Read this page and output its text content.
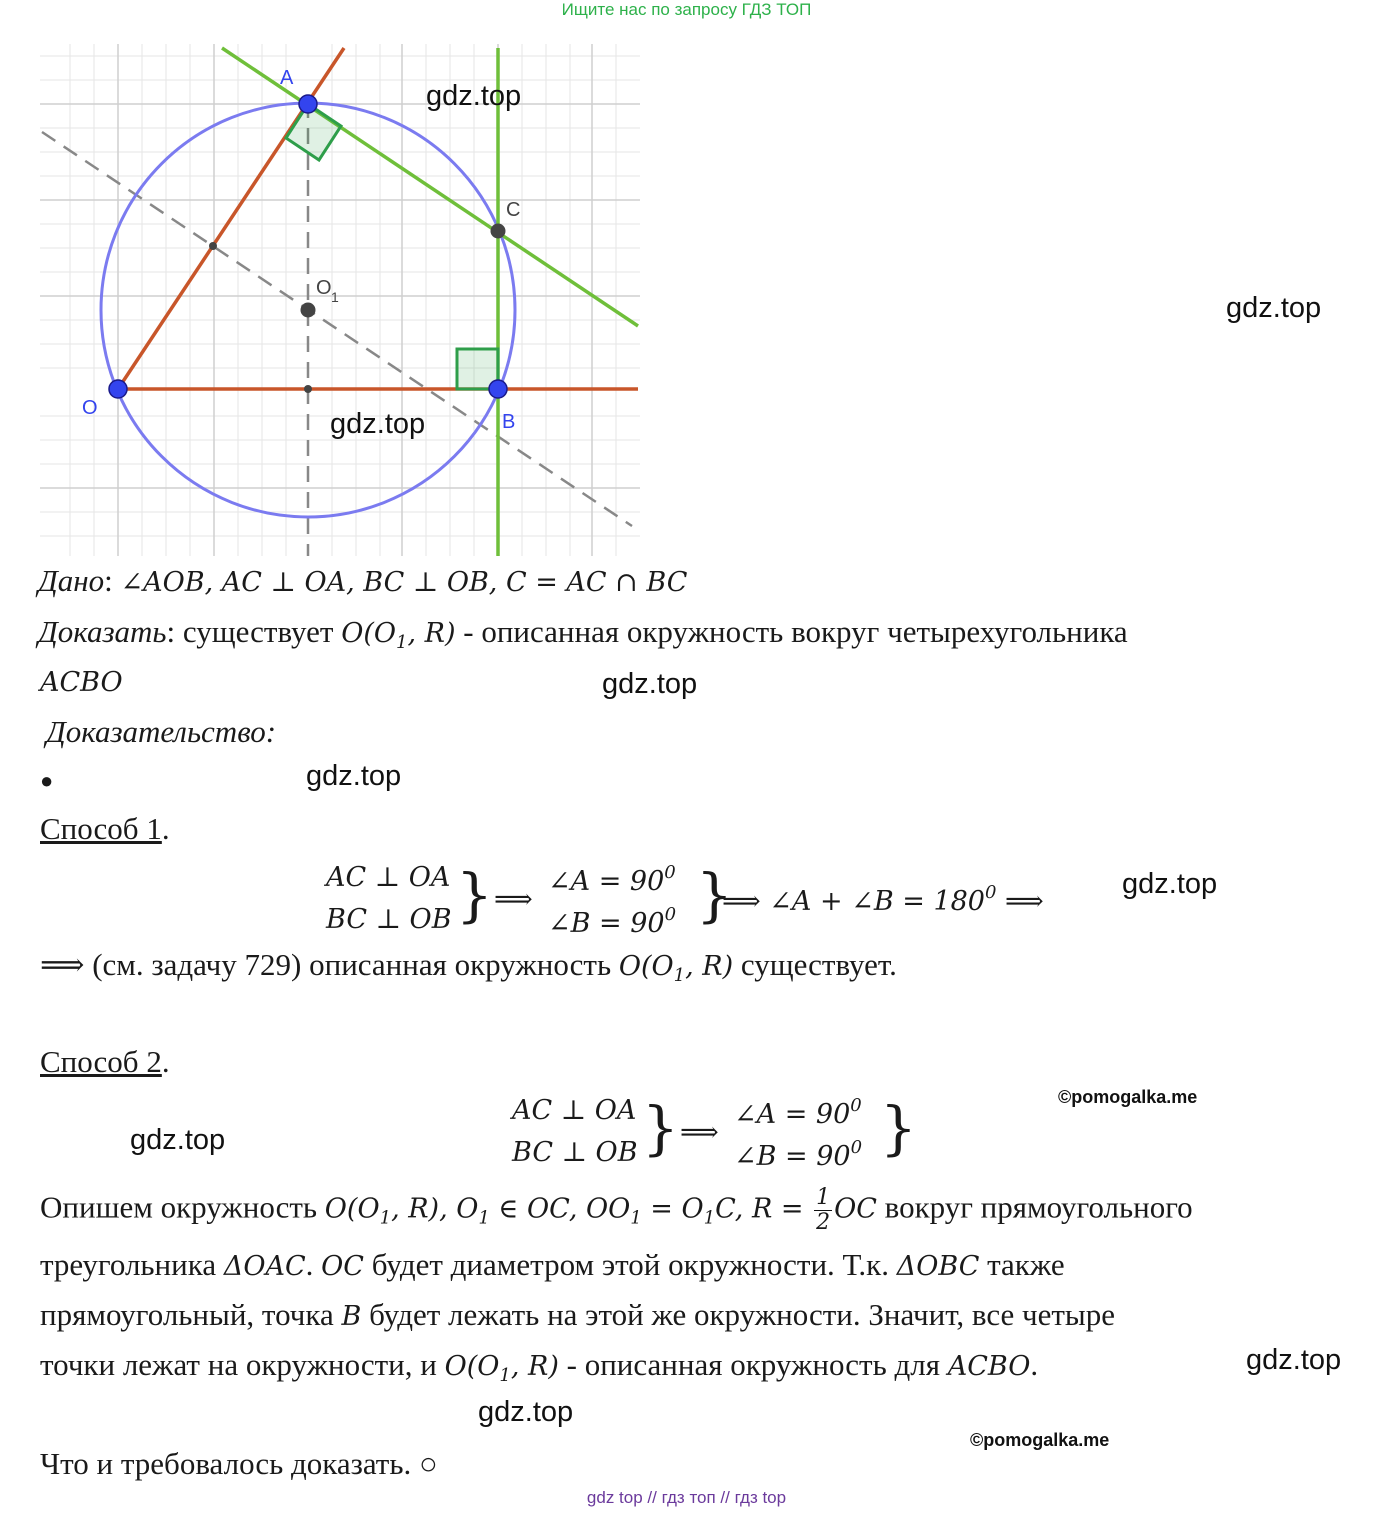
Ищите нас по запросу ГДЗ ТОП
gdz top // гдз топ // гдз top
A
O
B
C
O 1
gdz.top
gdz.top
gdz.top
gdz.top
gdz.top
gdz.top
gdz.top
gdz.top
gdz.top
©pomogalka.me
©pomogalka.me
Дано: ∠AOB, AC ⊥ OA, BC ⊥ OB, C = AC ∩ BC
Доказать: существует $O(O_1$, R) - описанная окружность вокруг четырехугольника
ACBO
Доказательство:
●
Способ 1.
AC ⊥ OA
BC ⊥ OB } ⟹
∠A = $90^0$
∠B = $90^0$ }
⟹ ∠A + ∠B = $180^0$ ⟹
⟹ (см. задачу 729) описанная окружность $O(O_1$, R) существует.
Способ 2.
AC ⊥ OA
BC ⊥ OB } ⟹
∠A = $90^0$
∠B = $90^0$ }
Опишем окружность $O(O_1$, R), $O_1$ ∈ OC, $OO_1 = O_1C$, $R = \frac{1}{2}$ OC вокруг прямоугольного
треугольника ΔOAC. OC будет диаметром этой окружности. Т.к. ΔOBC также
прямоугольный, точка B будет лежать на этой же окружности. Значит, все четыре
точки лежат на окружности, и $O(O_1$, R) - описанная окружность для ACBO.
Что и требовалось доказать. ○
